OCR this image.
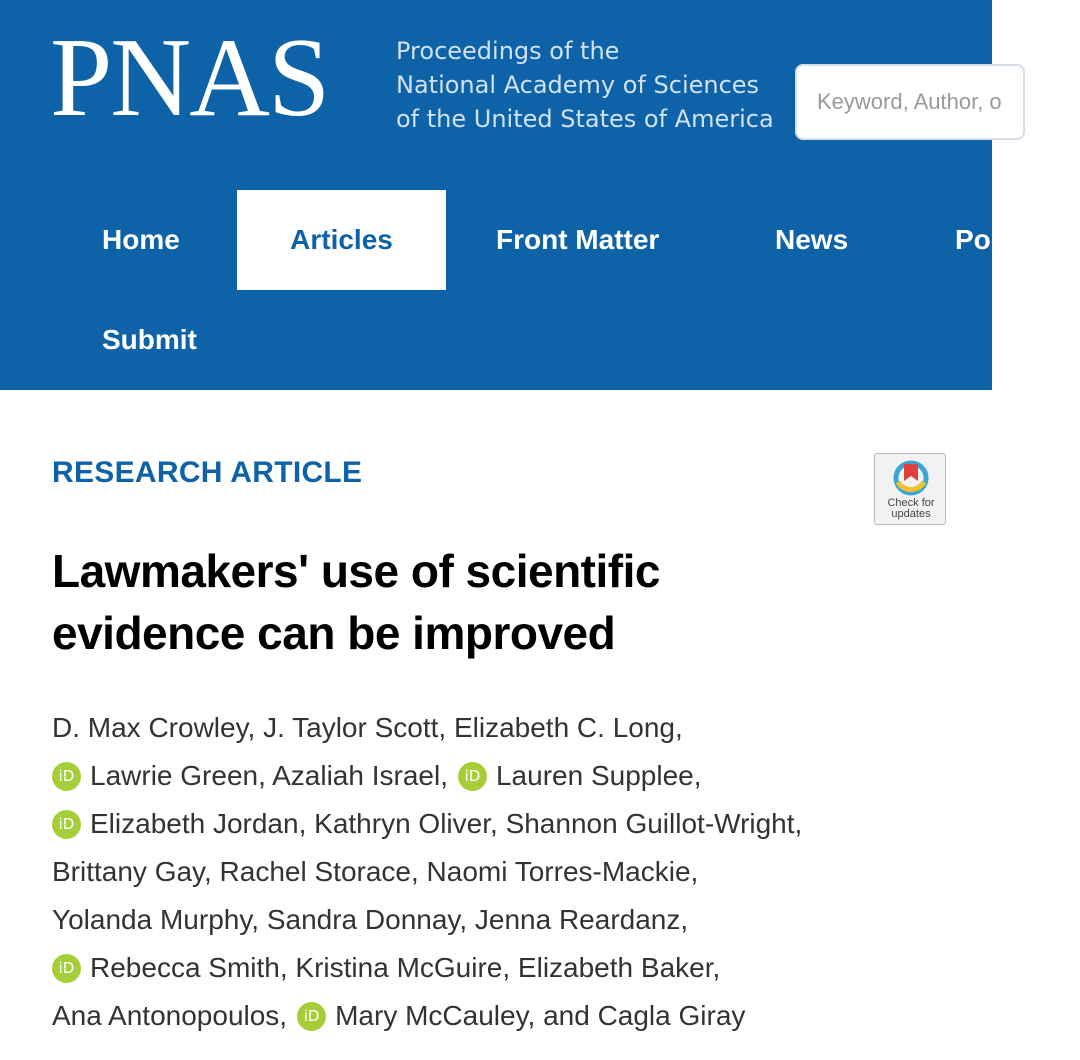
PNAS	Proceedings of the
National Academy of Sciences
of the United States of America
Keyword, Author, or DOI
Home	Articles	Front Matter	News	Podcasts
Submit
RESEARCH ARTICLE
Check for
updates
Lawmakers' use of scientific
evidence can be improved
D. Max Crowley, J. Taylor Scott, Elizabeth C. Long,
iD Lawrie Green, Azaliah Israel, iD Lauren Supplee,
iD Elizabeth Jordan, Kathryn Oliver, Shannon Guillot-Wright,
Brittany Gay, Rachel Storace, Naomi Torres-Mackie,
Yolanda Murphy, Sandra Donnay, Jenna Reardanz,
iD Rebecca Smith, Kristina McGuire, Elizabeth Baker,
Ana Antonopoulos, iD Mary McCauley, and Cagla Giray
